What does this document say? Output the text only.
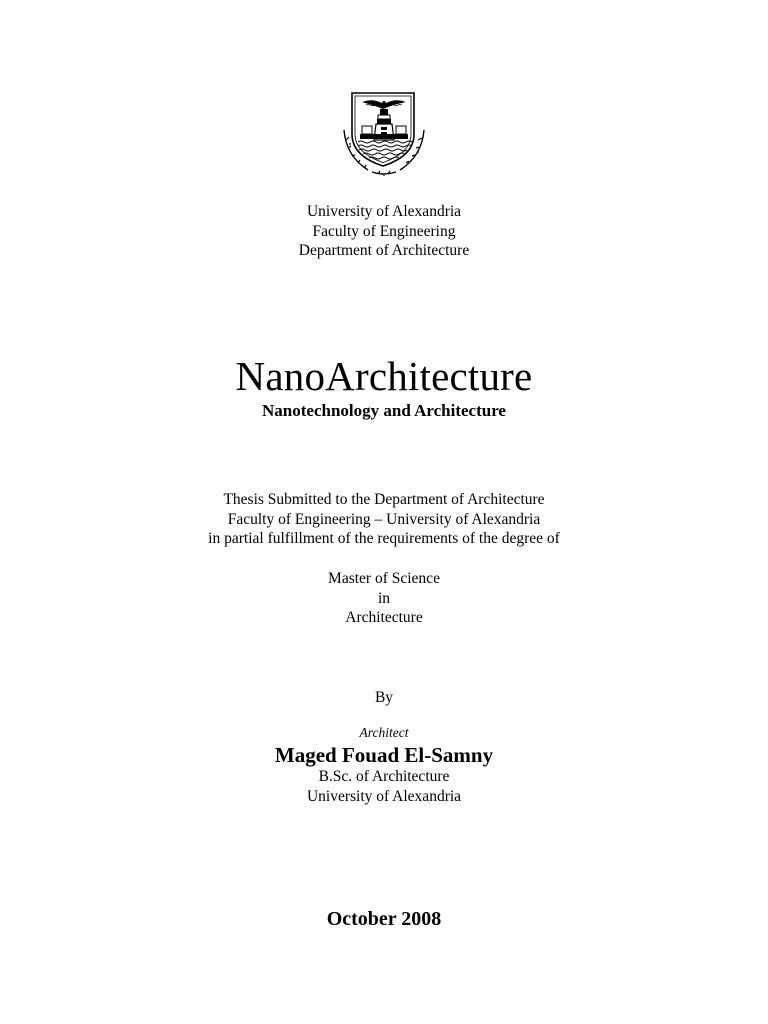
University of Alexandria
Faculty of Engineering
Department of Architecture
NanoArchitecture
Nanotechnology and Architecture
Thesis Submitted to the Department of Architecture
Faculty of Engineering – University of Alexandria
in partial fulfillment of the requirements of the degree of
Master of Science
in
Architecture
By
Architect
Maged Fouad El-Samny
B.Sc. of Architecture
University of Alexandria
October 2008
